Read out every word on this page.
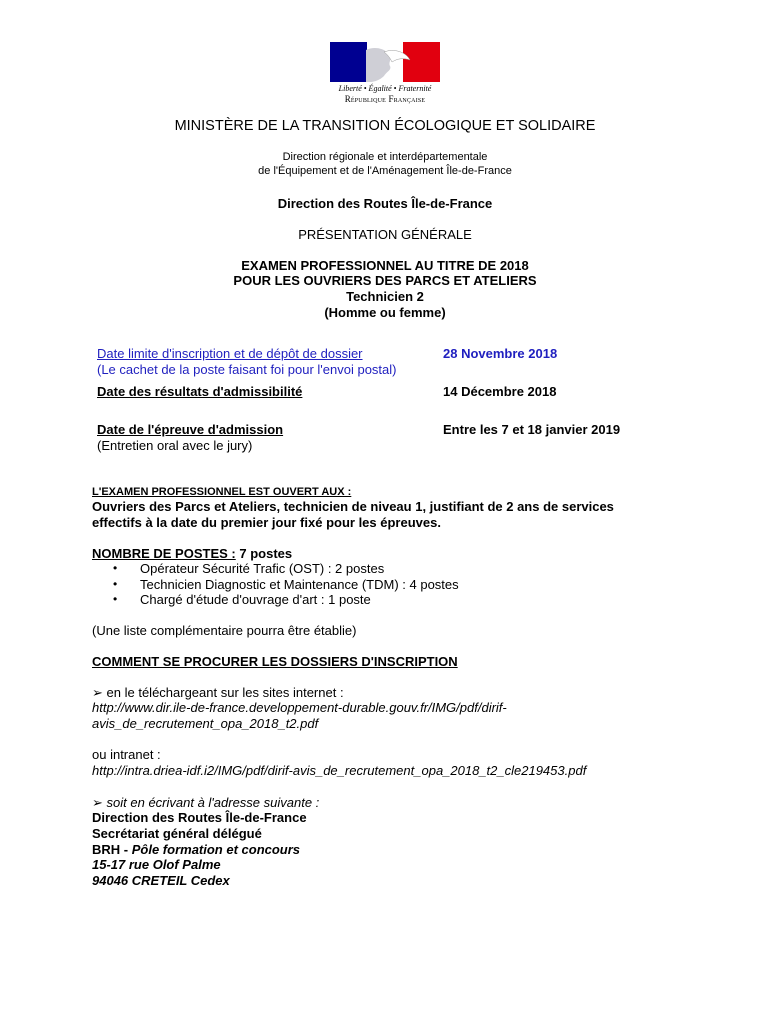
Liberté • Égalité • Fraternité
République Française
MINISTÈRE DE LA TRANSITION ÉCOLOGIQUE ET SOLIDAIRE
Direction régionale et interdépartementale
de l'Équipement et de l'Aménagement Île-de-France
Direction des Routes Île-de-France
PRÉSENTATION GÉNÉRALE
EXAMEN PROFESSIONNEL AU TITRE DE 2018
POUR LES OUVRIERS DES PARCS ET ATELIERS
Technicien 2
(Homme ou femme)
Date limite d'inscription et de dépôt de dossier
(Le cachet de la poste faisant foi pour l'envoi postal)
28 Novembre 2018
Date des résultats d'admissibilité	14 Décembre 2018
Date de l'épreuve d'admission
(Entretien oral avec le jury)
Entre les 7 et 18 janvier 2019
L'EXAMEN PROFESSIONNEL EST OUVERT AUX :
Ouvriers des Parcs et Ateliers, technicien de niveau 1, justifiant de 2 ans de services
effectifs à la date du premier jour fixé pour les épreuves.
NOMBRE DE POSTES : 7 postes
• Opérateur Sécurité Trafic (OST) : 2 postes
• Technicien Diagnostic et Maintenance (TDM) : 4 postes
• Chargé d'étude d'ouvrage d'art : 1 poste
(Une liste complémentaire pourra être établie)
COMMENT SE PROCURER LES DOSSIERS D'INSCRIPTION
➢ en le téléchargeant sur les sites internet :
http://www.dir.ile-de-france.developpement-durable.gouv.fr/IMG/pdf/dirif-
avis_de_recrutement_opa_2018_t2.pdf
ou intranet :
http://intra.driea-idf.i2/IMG/pdf/dirif-avis_de_recrutement_opa_2018_t2_cle219453.pdf
➢ soit en écrivant à l'adresse suivante :
Direction des Routes Île-de-France
Secrétariat général délégué
BRH - Pôle formation et concours
15-17 rue Olof Palme
94046 CRETEIL Cedex
